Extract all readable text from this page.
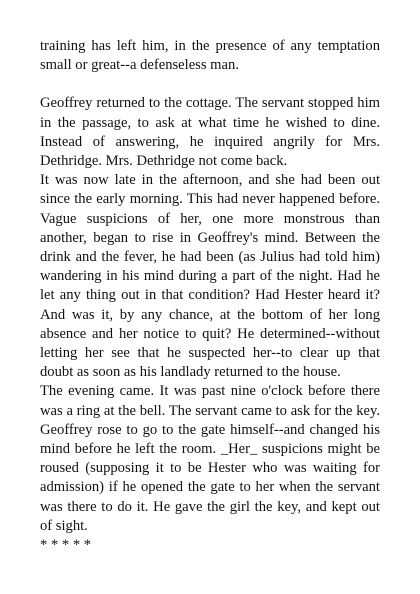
training has left him, in the presence of any temptation small or great--a defenseless man.

Geoffrey returned to the cottage. The servant stopped him in the passage, to ask at what time he wished to dine. Instead of answering, he inquired angrily for Mrs. Dethridge. Mrs. Dethridge not come back.

It was now late in the afternoon, and she had been out since the early morning. This had never happened before. Vague suspicions of her, one more monstrous than another, began to rise in Geoffrey's mind. Between the drink and the fever, he had been (as Julius had told him) wandering in his mind during a part of the night. Had he let any thing out in that condition? Had Hester heard it? And was it, by any chance, at the bottom of her long absence and her notice to quit? He determined--without letting her see that he suspected her--to clear up that doubt as soon as his landlady returned to the house.

The evening came. It was past nine o'clock before there was a ring at the bell. The servant came to ask for the key. Geoffrey rose to go to the gate himself--and changed his mind before he left the room. _Her_ suspicions might be roused (supposing it to be Hester who was waiting for admission) if he opened the gate to her when the servant was there to do it. He gave the girl the key, and kept out of sight.

* * * * *
